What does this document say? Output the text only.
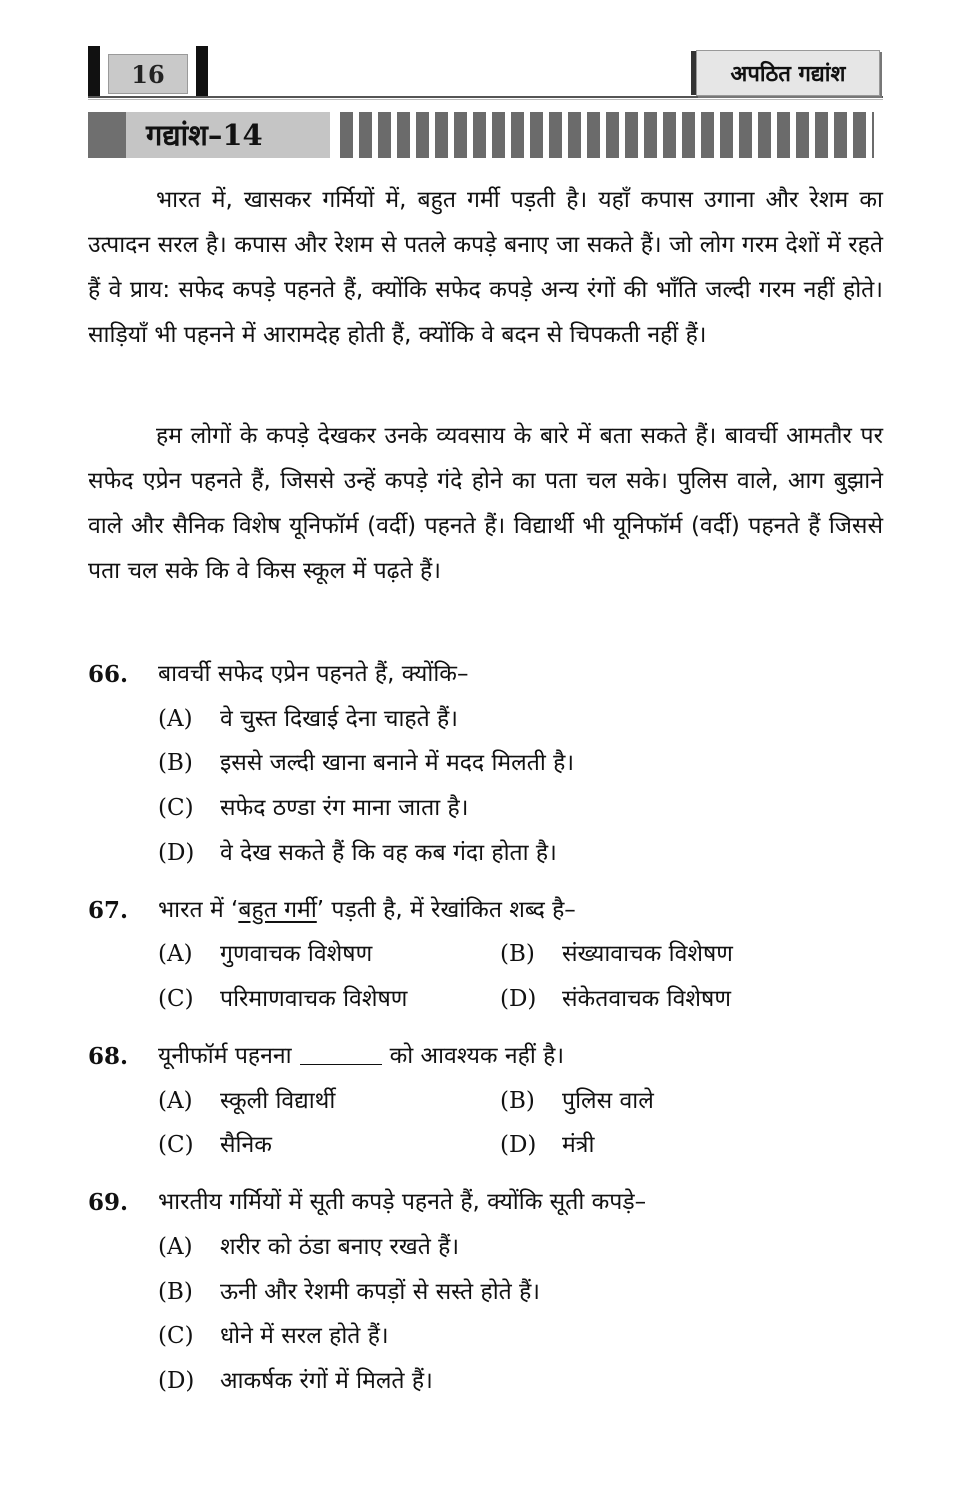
16	अपठित गद्यांश
गद्यांश–14

भारत में, खासकर गर्मियों में, बहुत गर्मी पड़ती है। यहाँ कपास उगाना और रेशम का उत्पादन सरल है। कपास और रेशम से पतले कपड़े बनाए जा सकते हैं। जो लोग गरम देशों में रहते हैं वे प्राय: सफेद कपड़े पहनते हैं, क्योंकि सफेद कपड़े अन्य रंगों की भाँति जल्दी गरम नहीं होते। साड़ियाँ भी पहनने में आरामदेह होती हैं, क्योंकि वे बदन से चिपकती नहीं हैं।

हम लोगों के कपड़े देखकर उनके व्यवसाय के बारे में बता सकते हैं। बावर्ची आमतौर पर सफेद एप्रेन पहनते हैं, जिससे उन्हें कपड़े गंदे होने का पता चल सके। पुलिस वाले, आग बुझाने वाले और सैनिक विशेष यूनिफॉर्म (वर्दी) पहनते हैं। विद्यार्थी भी यूनिफॉर्म (वर्दी) पहनते हैं जिससे पता चल सके कि वे किस स्कूल में पढ़ते हैं।

66. बावर्ची सफेद एप्रेन पहनते हैं, क्योंकि–
(A) वे चुस्त दिखाई देना चाहते हैं।
(B) इससे जल्दी खाना बनाने में मदद मिलती है।
(C) सफेद ठण्डा रंग माना जाता है।
(D) वे देख सकते हैं कि वह कब गंदा होता है।
67. भारत में ‘बहुत गर्मी’ पड़ती है, में रेखांकित शब्द है–
(A) गुणवाचक विशेषण	(B) संख्यावाचक विशेषण
(C) परिमाणवाचक विशेषण	(D) संकेतवाचक विशेषण
68. यूनीफॉर्म पहनना	को आवश्यक नहीं है।
(A) स्कूली विद्यार्थी	(B) पुलिस वाले
(C) सैनिक	(D) मंत्री
69. भारतीय गर्मियों में सूती कपड़े पहनते हैं, क्योंकि सूती कपड़े–
(A) शरीर को ठंडा बनाए रखते हैं।
(B) ऊनी और रेशमी कपड़ों से सस्ते होते हैं।
(C) धोने में सरल होते हैं।
(D) आकर्षक रंगों में मिलते हैं।
